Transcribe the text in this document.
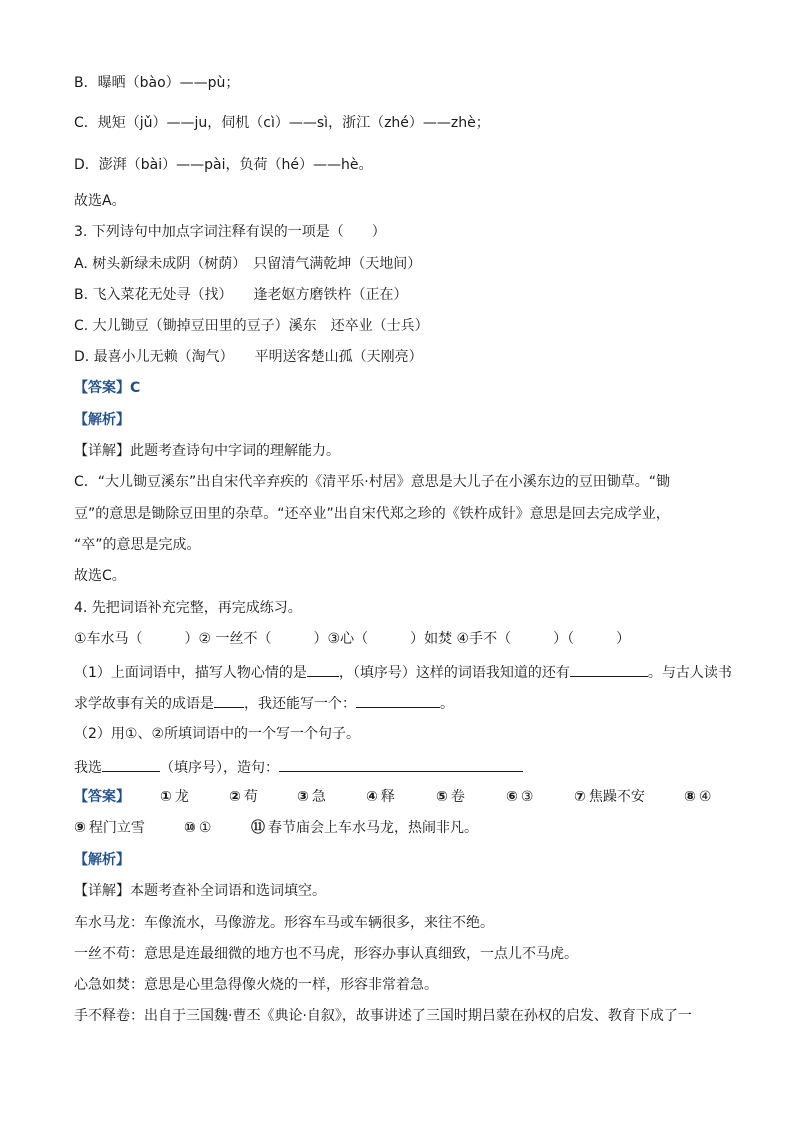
B．曝晒（bào）——pù；
C．规矩（jǔ）——ju，伺机（cì）——sì，浙江（zhé）——zhè；
D．澎湃（bài）——pài，负荷（hé）——hè。
故选A。
3. 下列诗句中加点字词注释有误的一项是（　　）
A. 树头新绿未成阴（树荫）　只留清气满乾坤（天地间）
B. 飞入菜花无处寻（找）　　逢老妪方磨铁杵（正在）
C. 大儿锄豆（锄掉豆田里的豆子）溪东　还卒业（士兵）
D. 最喜小儿无赖（淘气）　　平明送客楚山孤（天刚亮）
【答案】C
【解析】
【详解】此题考查诗句中字词的理解能力。
C．“大儿锄豆溪东”出自宋代辛弃疾的《清平乐·村居》意思是大儿子在小溪东边的豆田锄草。“锄
豆”的意思是锄除豆田里的杂草。“还卒业”出自宋代郑之珍的《铁杵成针》意思是回去完成学业，
“卒”的意思是完成。
故选C。
4. 先把词语补充完整，再完成练习。
①车水马（　　　）② 一丝不（　　　）③心（　　　）如焚 ④手不（　　　）（　　　）
（1）上面词语中，描写人物心情的是 ，（填序号）这样的词语我知道的还有	。与古人读书
求学故事有关的成语是 ，我还能写一个：	。
（2）用①、②所填词语中的一个写一个句子。
我选	（填序号），造句：
【答案】 ① 龙	② 苟	③ 急	④ 释	⑤ 卷	⑥ ③	⑦ 焦躁不安	⑧ ④
⑨ 程门立雪	⑩ ①	⑪ 春节庙会上车水马龙，热闹非凡。
【解析】
【详解】本题考查补全词语和选词填空。
车水马龙：车像流水，马像游龙。形容车马或车辆很多，来往不绝。
一丝不苟：意思是连最细微的地方也不马虎，形容办事认真细致，一点儿不马虎。
心急如焚：意思是心里急得像火烧的一样，形容非常着急。
手不释卷：出自于三国魏·曹丕《典论·自叙》，故事讲述了三国时期吕蒙在孙权的启发、教育下成了一
